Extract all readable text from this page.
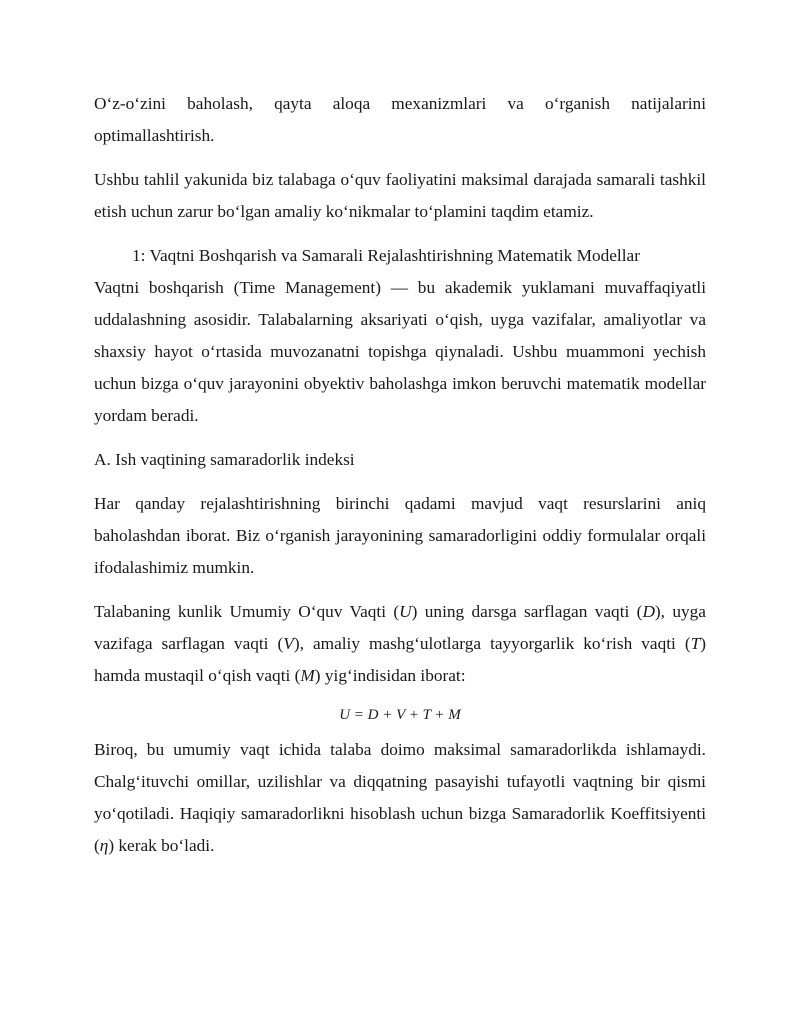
O‘z-o‘zini baholash, qayta aloqa mexanizmlari va o‘rganish natijalarini optimallashtirish.

Ushbu tahlil yakunida biz talabaga o‘quv faoliyatini maksimal darajada samarali tashkil etish uchun zarur bo‘lgan amaliy ko‘nikmalar to‘plamini taqdim etamiz.

1: Vaqtni Boshqarish va Samarali Rejalashtirishning Matematik Modellar

Vaqtni boshqarish (Time Management) — bu akademik yuklamani muvaffaqiyatli uddalashning asosidir. Talabalarning aksariyati o‘qish, uyga vazifalar, amaliyotlar va shaxsiy hayot o‘rtasida muvozanatni topishga qiynaladi. Ushbu muammoni yechish uchun bizga o‘quv jarayonini obyektiv baholashga imkon beruvchi matematik modellar yordam beradi.

A. Ish vaqtining samaradorlik indeksi

Har qanday rejalashtirishning birinchi qadami mavjud vaqt resurslarini aniq baholashdan iborat. Biz o‘rganish jarayonining samaradorligini oddiy formulalar orqali ifodalashimiz mumkin.

Talabaning kunlik Umumiy O‘quv Vaqti (U) uning darsga sarflagan vaqti (D), uyga vazifaga sarflagan vaqti (V), amaliy mashg‘ulotlarga tayyorgarlik ko‘rish vaqti (T) hamda mustaqil o‘qish vaqti (M) yig‘indisidan iborat:

U = D + V + T + M

Biroq, bu umumiy vaqt ichida talaba doimo maksimal samaradorlikda ishlamaydi. Chalg‘ituvchi omillar, uzilishlar va diqqatning pasayishi tufayotli vaqtning bir qismi yo‘qotiladi. Haqiqiy samaradorlikni hisoblash uchun bizga Samaradorlik Koeffitsiyenti (η) kerak bo‘ladi.
